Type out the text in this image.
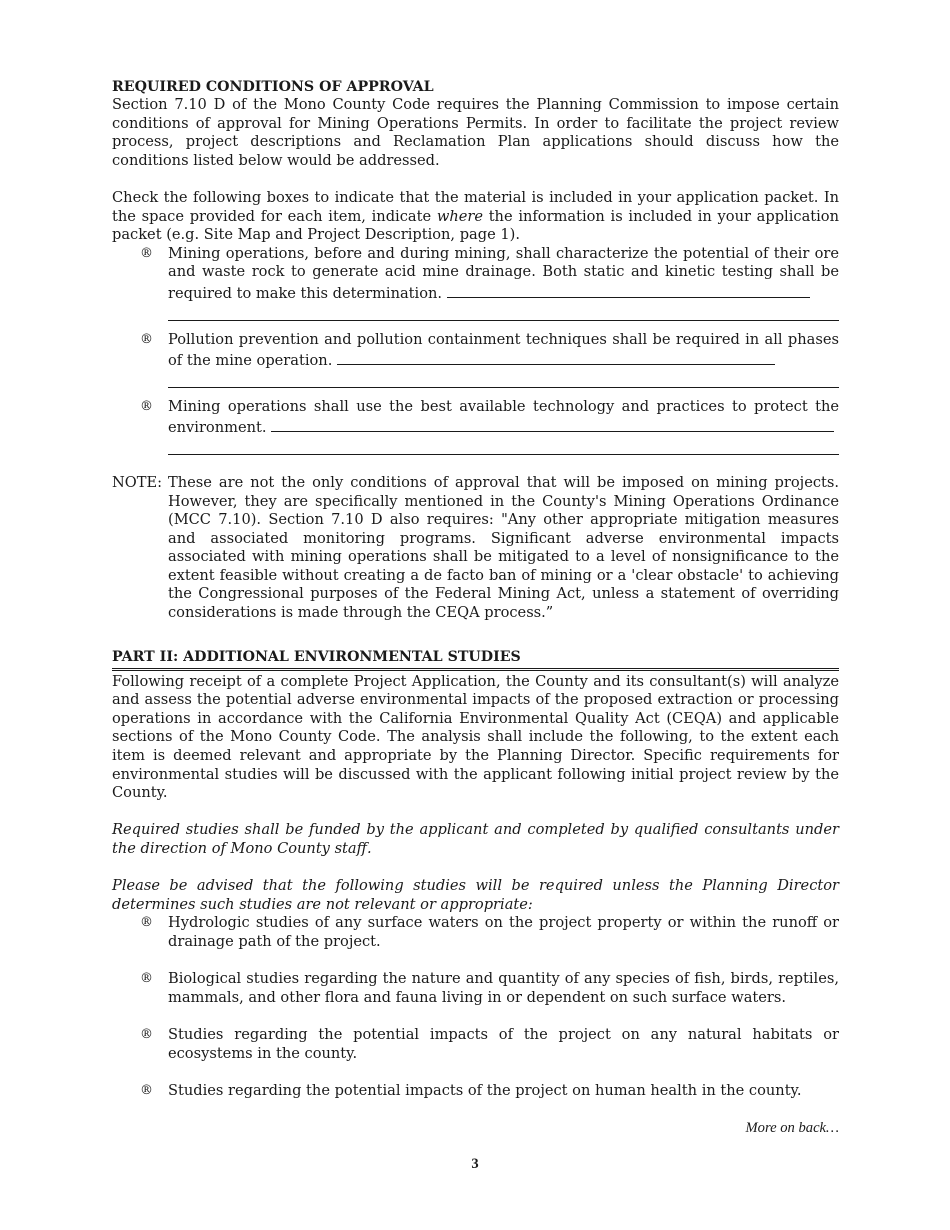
REQUIRED CONDITIONS OF APPROVAL

Section 7.10 D of the Mono County Code requires the Planning Commission to impose certain conditions of approval for Mining Operations Permits. In order to facilitate the project review process, project descriptions and Reclamation Plan applications should discuss how the conditions listed below would be addressed.

Check the following boxes to indicate that the material is included in your application packet. In the space provided for each item, indicate where the information is included in your application packet (e.g. Site Map and Project Description, page 1).

® Mining operations, before and during mining, shall characterize the potential of their ore and waste rock to generate acid mine drainage. Both static and kinetic testing shall be required to make this determination.
® Pollution prevention and pollution containment techniques shall be required in all phases of the mine operation.
® Mining operations shall use the best available technology and practices to protect the environment.
NOTE: These are not the only conditions of approval that will be imposed on mining projects. However, they are specifically mentioned in the County's Mining Operations Ordinance (MCC 7.10). Section 7.10 D also requires: "Any other appropriate mitigation measures and associated monitoring programs. Significant adverse environmental impacts associated with mining operations shall be mitigated to a level of nonsignificance to the extent feasible without creating a de facto ban of mining or a 'clear obstacle' to achieving the Congressional purposes of the Federal Mining Act, unless a statement of overriding considerations is made through the CEQA process.”
PART II: ADDITIONAL ENVIRONMENTAL STUDIES

Following receipt of a complete Project Application, the County and its consultant(s) will analyze and assess the potential adverse environmental impacts of the proposed extraction or processing operations in accordance with the California Environmental Quality Act (CEQA) and applicable sections of the Mono County Code. The analysis shall include the following, to the extent each item is deemed relevant and appropriate by the Planning Director. Specific requirements for environmental studies will be discussed with the applicant following initial project review by the County.

Required studies shall be funded by the applicant and completed by qualified consultants under the direction of Mono County staff.

Please be advised that the following studies will be required unless the Planning Director determines such studies are not relevant or appropriate:

® Hydrologic studies of any surface waters on the project property or within the runoff or drainage path of the project.
® Biological studies regarding the nature and quantity of any species of fish, birds, reptiles, mammals, and other flora and fauna living in or dependent on such surface waters.
® Studies regarding the potential impacts of the project on any natural habitats or ecosystems in the county.
® Studies regarding the potential impacts of the project on human health in the county.
More on back…
3
